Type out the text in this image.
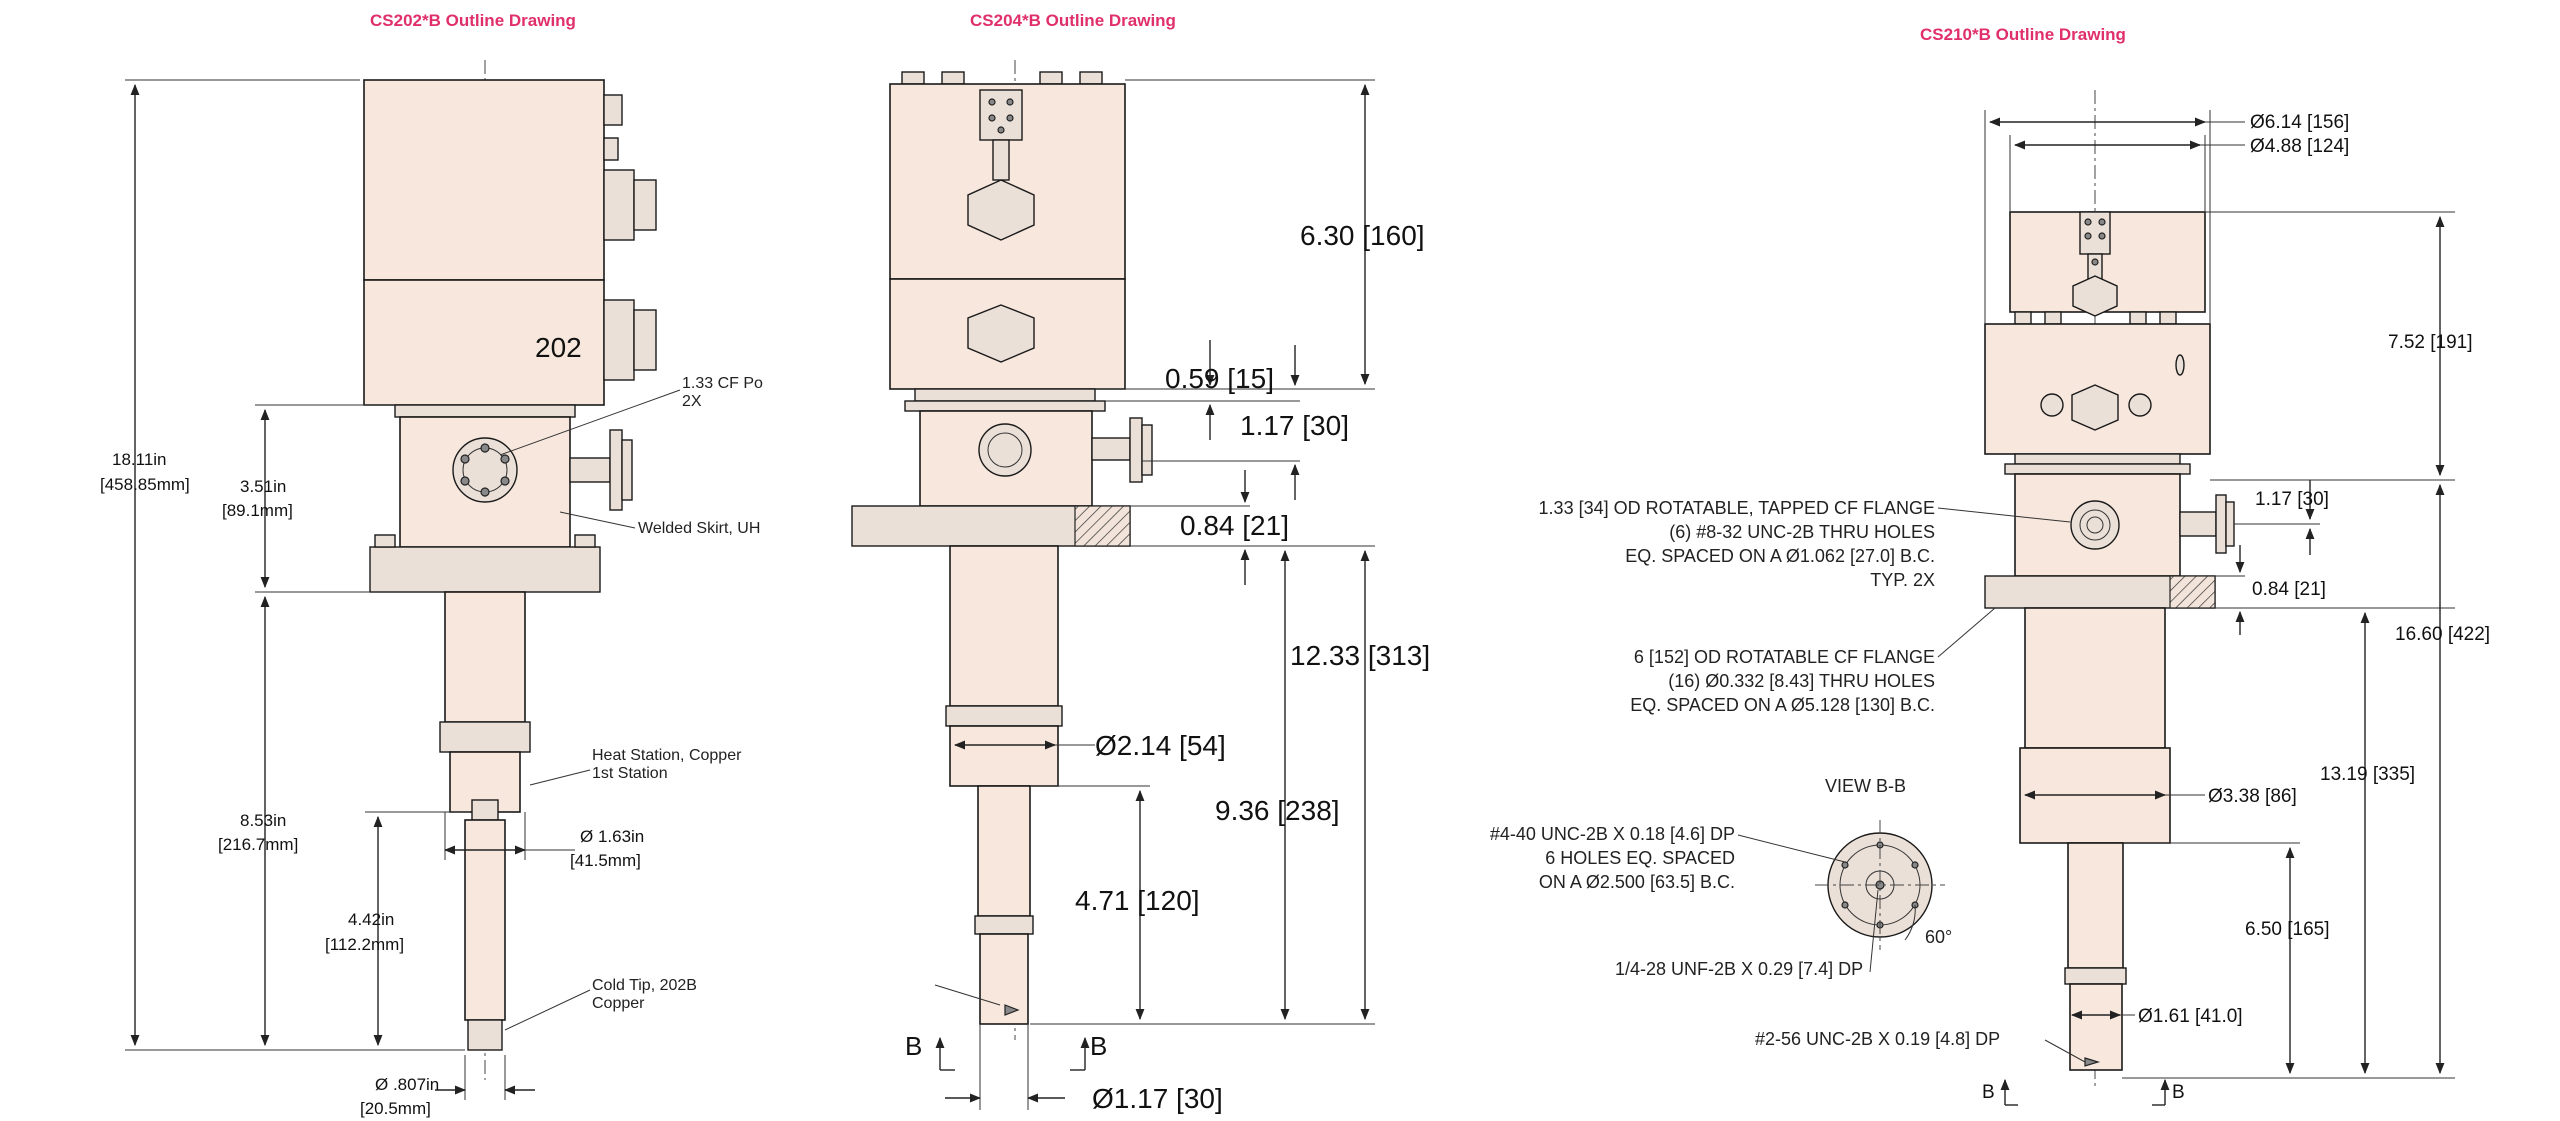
CS202*B Outline Drawing
202
18.11in
[458.85mm]	3.51in
[89.1mm]
8.53in
[216.7mm]
4.42in
[112.2mm]
Ø 1.63in
[41.5mm]
Ø .807in
[20.5mm]
1.33 CF Po
2X
Welded Skirt, UH
Heat Station, Copper
1st Station
Cold Tip, 202B
Copper
CS204*B Outline Drawing
6.30 [160]
0.59 [15]
1.17 [30]
0.84 [21]
12.33 [313]
Ø2.14 [54]
9.36 [238]
4.71 [120]
Ø1.17 [30]
B	B
CS210*B Outline Drawing
Ø6.14 [156]
Ø4.88 [124]
7.52 [191]
1.17 [30]
0.84 [21]
16.60 [422]
13.19 [335]
Ø3.38 [86]
6.50 [165]
Ø1.61 [41.0]
1.33 [34] OD ROTATABLE, TAPPED CF FLANGE
(6) #8-32 UNC-2B THRU HOLES
EQ. SPACED ON A Ø1.062 [27.0] B.C.
TYP. 2X
6 [152] OD ROTATABLE CF FLANGE
(16) Ø0.332 [8.43] THRU HOLES
EQ. SPACED ON A Ø5.128 [130] B.C.
VIEW B-B
60°
#4-40 UNC-2B X 0.18 [4.6] DP
6 HOLES EQ. SPACED
ON A Ø2.500 [63.5] B.C.
1/4-28 UNF-2B X 0.29 [7.4] DP
#2-56 UNC-2B X 0.19 [4.8] DP
B	B
